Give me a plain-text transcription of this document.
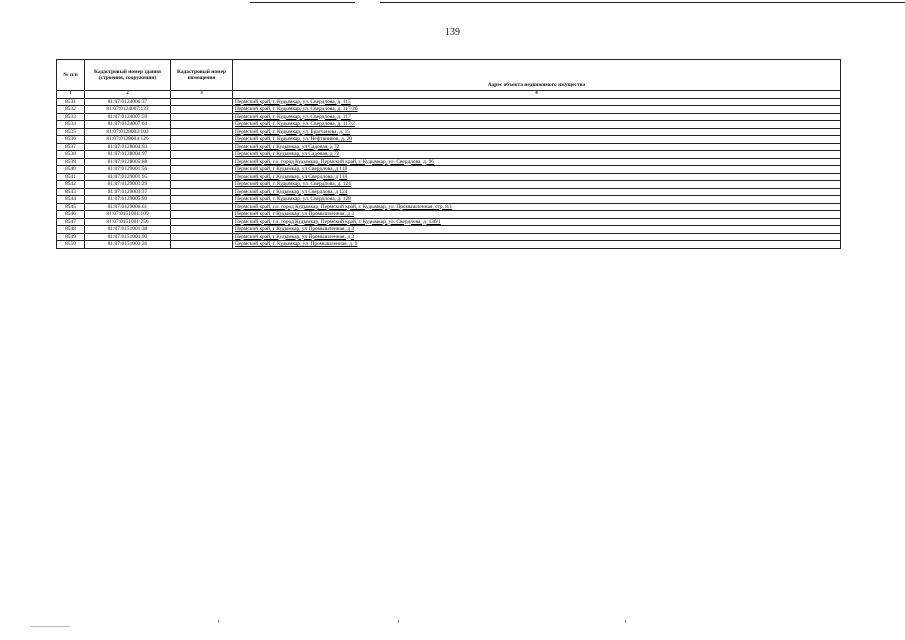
139
№ п/п	Кадастровый номер здания (строения, сооружения)	Кадастровый номер помещения	Адрес объекта недвижимого имущества
1	2	3	4
8531	81:07:0124006:37		Пермский край, г. Кудымкар, ул. Свердлова, д. 115
8532	81:07:0124007:123		Пермский край, г. Кудымкар, ул. Свердлова, д. 117/2б
8533	81:07:0124007:59		Пермский край, г. Кудымкар, ул. Свердлова, д. 117
8534	81:07:0124007:64		Пермский край, г. Кудымкар, ул. Свердлова, д. 117/2
8535	81:07:0128002:103		Пермский край, г. Кудымкар, ул. Брагчанова, д. 15
8536	81:07:0128004:126		Пермский край, г. Кудымкар, ул. Нефтяников, д. 20
8537	81:07:0128004:93		Пермский край, г Кудымкар, ул Садовая, д 72
8538	81:07:0128004:97		Пермский край, г Кудымкар, ул Садовая, д 72
8539	81:07:0128005:88		Пермский край, г.о. город Кудымкар, Пермский край, г. Кудымкар, ул. Свердлова, д. 96
8540	81:07:0129001:56		Пермский край, г Кудымкар, ул Свердлова, д 118
8541	81:07:0129001:95		Пермский край, г Кудымкар, ул Свердлова, д 118
8542	81:07:0129003:29		Пермский край, г. Кудымкар, ул. Свердлова, д. 124
8543	81:07:0129003:37		Пермский край, г Кудымкар, ул Свердлова, д 124
8544	81:07:0129005:99		Пермский край, г. Кудымкар, ул. Свердлова, д. 128
8545	81:07:0129006:61		Пермский край, г.о. город Кудымкар, Пермский край, г. Кудымкар, ул. Промышленная, стр. 8/1
8546	81:07:0151001:109		Пермский край, г Кудымкар, ул Промышленная, д 3
8547	81:07:0151001:256		Пермский край, г.о. город Кудымкар, Пермский край, г. Кудымкар, ул. Свердлова, д. 136/1
8548	81:07:0151001:38		Пермский край, г Кудымкар, ул Промышленная, д 3
8549	81:07:0151001:90		Пермский край, г Кудымкар, ул Промышленная, д 3
8550	81:07:0151002:26		Пермский край, г. Кудымкар, ул. Промышленная, д. 9
